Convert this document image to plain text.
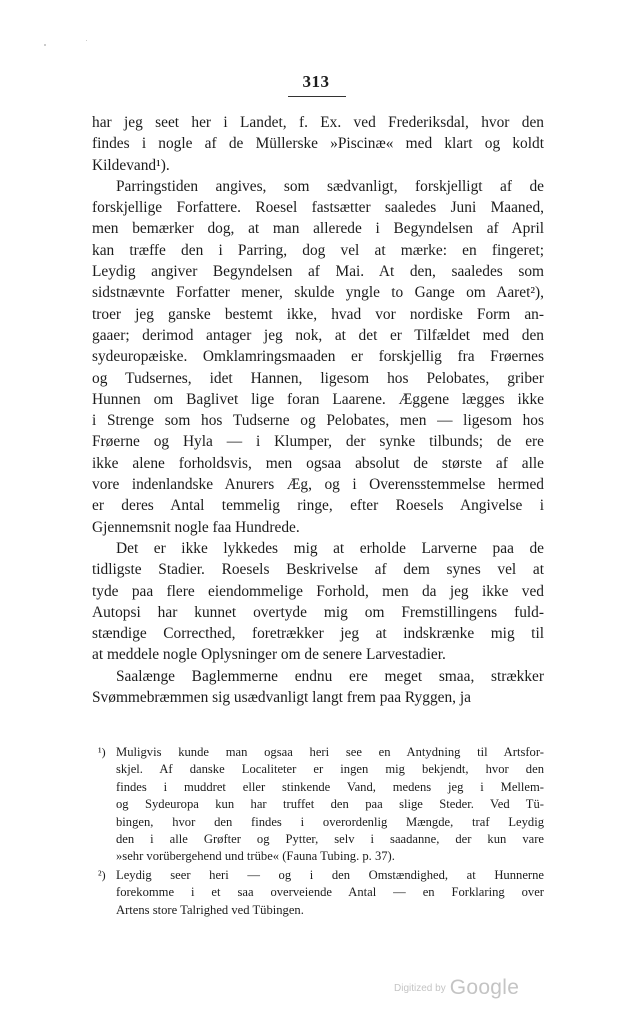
313
har jeg seet her i Landet, f. Ex. ved Frederiksdal, hvor den
findes i nogle af de Müllerske »Piscinæ« med klart og koldt
Kildevand¹).
Parringstiden angives, som sædvanligt, forskjelligt af de
forskjellige Forfattere. Roesel fastsætter saaledes Juni Maaned,
men bemærker dog, at man allerede i Begyndelsen af April
kan træffe den i Parring, dog vel at mærke: en fingeret;
Leydig angiver Begyndelsen af Mai. At den, saaledes som
sidstnævnte Forfatter mener, skulde yngle to Gange om Aaret²),
troer jeg ganske bestemt ikke, hvad vor nordiske Form an-
gaaer; derimod antager jeg nok, at det er Tilfældet med den
sydeuropæiske. Omklamringsmaaden er forskjellig fra Frøernes
og Tudsernes, idet Hannen, ligesom hos Pelobates, griber
Hunnen om Baglivet lige foran Laarene. Æggene lægges ikke
i Strenge som hos Tudserne og Pelobates, men — ligesom hos
Frøerne og Hyla — i Klumper, der synke tilbunds; de ere
ikke alene forholdsvis, men ogsaa absolut de største af alle
vore indenlandske Anurers Æg, og i Overensstemmelse hermed
er deres Antal temmelig ringe, efter Roesels Angivelse i
Gjennemsnit nogle faa Hundrede.
Det er ikke lykkedes mig at erholde Larverne paa de
tidligste Stadier. Roesels Beskrivelse af dem synes vel at
tyde paa flere eiendommelige Forhold, men da jeg ikke ved
Autopsi har kunnet overtyde mig om Fremstillingens fuld-
stændige Correcthed, foretrækker jeg at indskrænke mig til
at meddele nogle Oplysninger om de senere Larvestadier.
Saalænge Baglemmerne endnu ere meget smaa, strækker
Svømmebræmmen sig usædvanligt langt frem paa Ryggen, ja
¹) Muligvis kunde man ogsaa heri see en Antydning til Artsfor-
skjel. Af danske Localiteter er ingen mig bekjendt, hvor den
findes i muddret eller stinkende Vand, medens jeg i Mellem-
og Sydeuropa kun har truffet den paa slige Steder. Ved Tü-
bingen, hvor den findes i overordenlig Mængde, traf Leydig
den i alle Grøfter og Pytter, selv i saadanne, der kun vare
»sehr vorübergehend und trübe« (Fauna Tubing. p. 37).
²) Leydig seer heri — og i den Omstændighed, at Hunnerne
forekomme i et saa overveiende Antal — en Forklaring over
Artens store Talrighed ved Tübingen.
Digitized by Google
